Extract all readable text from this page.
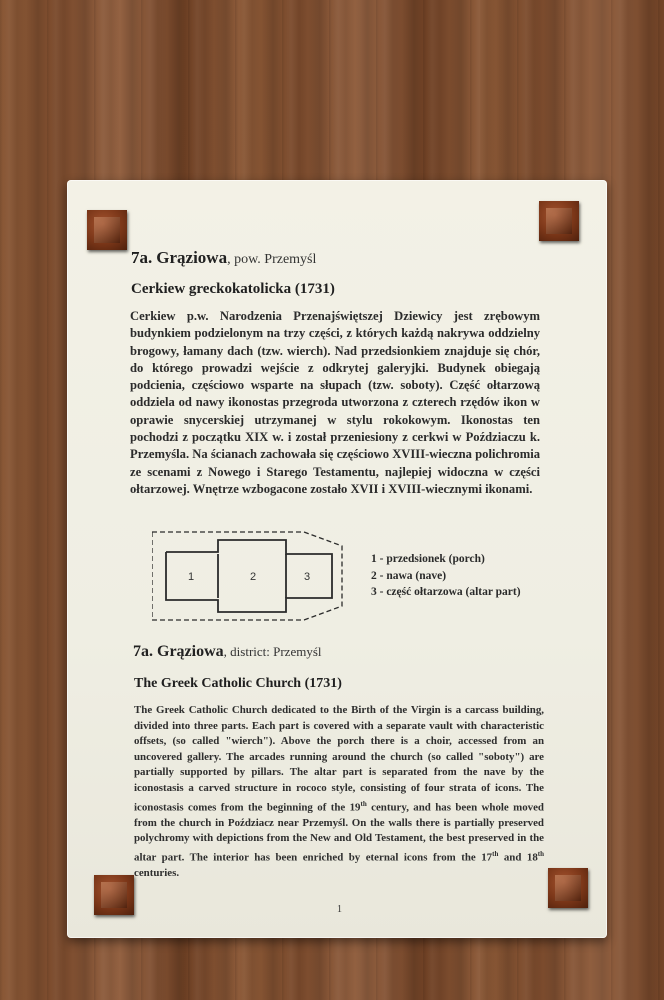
7a. Grąziowa, pow. Przemyśl
Cerkiew greckokatolicka (1731)
Cerkiew p.w. Narodzenia Przenajświętszej Dziewicy jest zrębowym budynkiem podzielonym na trzy części, z których każdą nakrywa oddzielny brogowy, łamany dach (tzw. wierch). Nad przedsionkiem znajduje się chór, do którego prowadzi wejście z odkrytej galeryjki. Budynek obiegają podcienia, częściowo wsparte na słupach (tzw. soboty). Część ołtarzową oddziela od nawy ikonostas przegroda utworzona z czterech rzędów ikon w oprawie snycerskiej utrzymanej w stylu rokokowym. Ikonostas ten pochodzi z początku XIX w. i został przeniesiony z cerkwi w Poździaczu k. Przemyśla. Na ścianach zachowała się częściowo XVIII-wieczna polichromia ze scenami z Nowego i Starego Testamentu, najlepiej widoczna w części ołtarzowej. Wnętrze wzbogacone zostało XVII i XVIII-wiecznymi ikonami.
1	2	3
1 - przedsionek (porch)
2 - nawa (nave)
3 - część ołtarzowa (altar part)
7a. Grąziowa, district: Przemyśl
The Greek Catholic Church (1731)
The Greek Catholic Church dedicated to the Birth of the Virgin is a carcass building, divided into three parts. Each part is covered with a separate vault with characteristic offsets, (so called "wierch"). Above the porch there is a choir, accessed from an uncovered gallery. The arcades running around the church (so called "soboty") are partially supported by pillars. The altar part is separated from the nave by the iconostasis a carved structure in rococo style, consisting of four strata of icons. The iconostasis comes from the beginning of the 19th century, and has been whole moved from the church in Poździacz near Przemyśl. On the walls there is partially preserved polychromy with depictions from the New and Old Testament, the best preserved in the altar part. The interior has been enriched by eternal icons from the 17th and 18th centuries.
1
